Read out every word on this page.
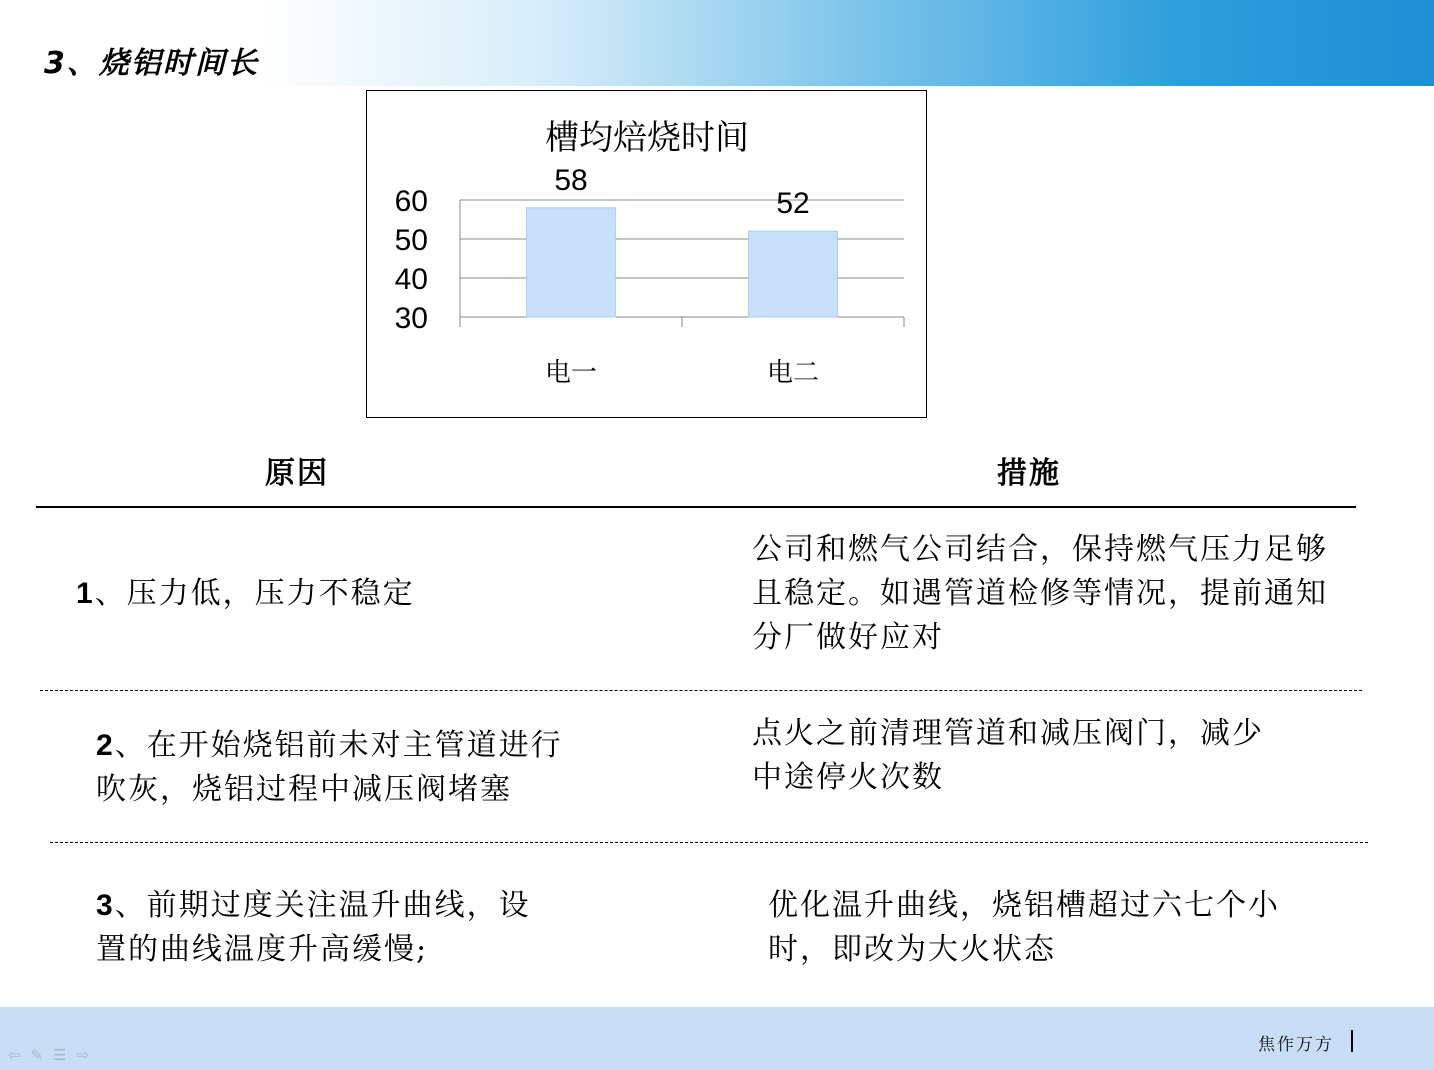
3、烧铝时间长
槽均焙烧时间
30
40
50
60
58
电一
52
电二
原因	措施
1、压力低，压力不稳定
公司和燃气公司结合，保持燃气压力足够
且稳定。如遇管道检修等情况，提前通知
分厂做好应对
2、在开始烧铝前未对主管道进行
吹灰，烧铝过程中减压阀堵塞
点火之前清理管道和减压阀门，减少
中途停火次数
3、前期过度关注温升曲线，设
置的曲线温度升高缓慢;
优化温升曲线，烧铝槽超过六七个小
时，即改为大火状态
焦作万方
⇦ ✎ ☰ ⇨
